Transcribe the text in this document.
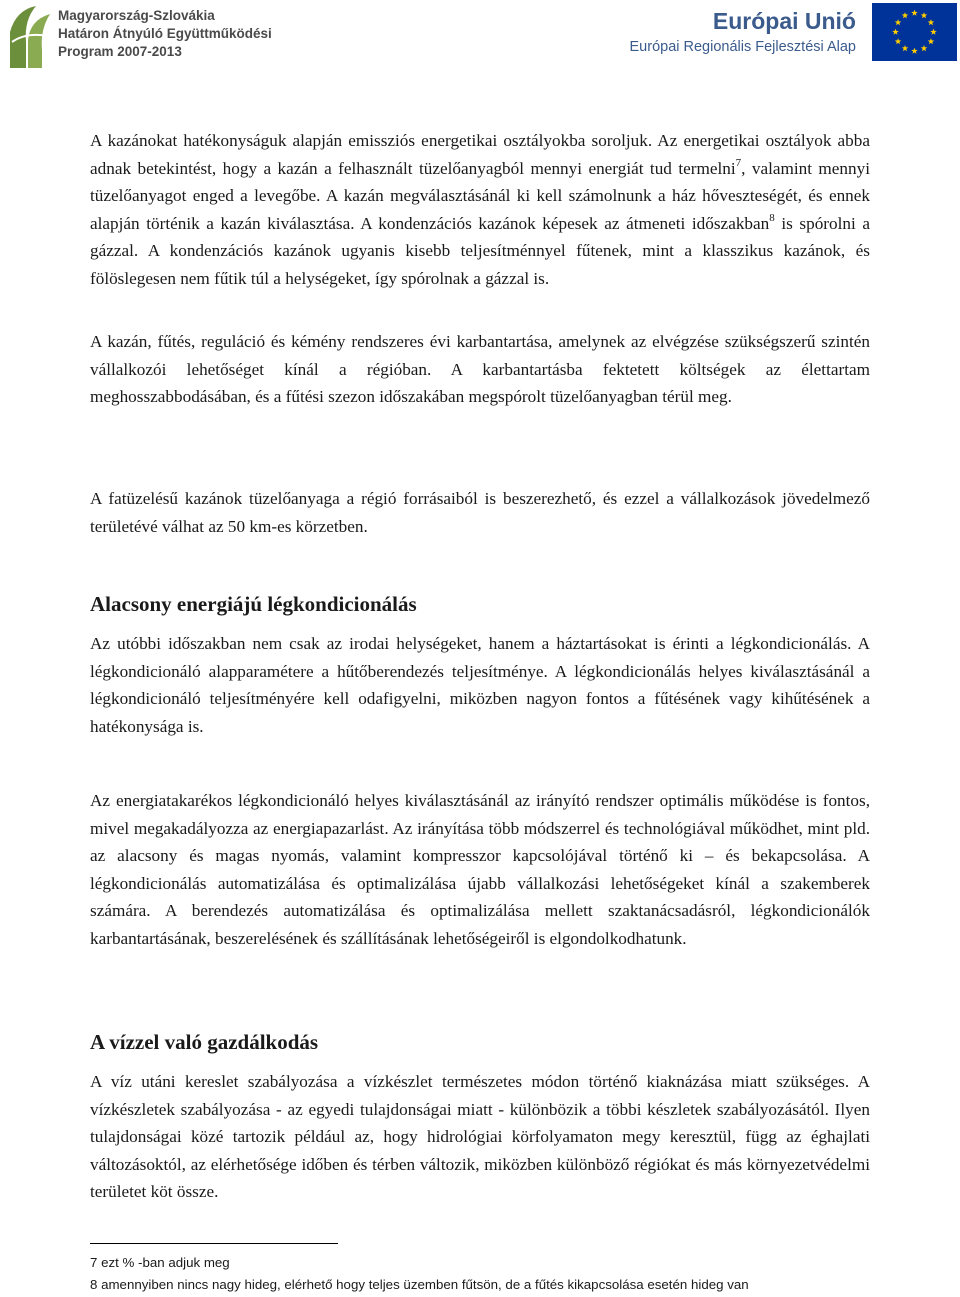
Magyarország-Szlovákia
Határon Átnyúló Együttműködési
Program 2007-2013
Európai Unió
Európai Regionális Fejlesztési Alap
A kazánokat hatékonyságuk alapján emissziós energetikai osztályokba soroljuk. Az energetikai osztályok abba adnak betekintést, hogy a kazán a felhasznált tüzelőanyagból mennyi energiát tud termelni$^7$, valamint mennyi tüzelőanyagot enged a levegőbe. A kazán megválasztásánál ki kell számolnunk a ház hőveszteségét, és ennek alapján történik a kazán kiválasztása. A kondenzációs kazánok képesek az átmeneti időszakban$^8$ is spórolni a gázzal. A kondenzációs kazánok ugyanis kisebb teljesítménnyel fűtenek, mint a klasszikus kazánok, és fölöslegesen nem fűtik túl a helységeket, így spórolnak a gázzal is.
A kazán, fűtés, reguláció és kémény rendszeres évi karbantartása, amelynek az elvégzése szükségszerű szintén vállalkozói lehetőséget kínál a régióban. A karbantartásba fektetett költségek az élettartam meghosszabbodásában, és a fűtési szezon időszakában megspórolt tüzelőanyagban térül meg.
A fatüzelésű kazánok tüzelőanyaga a régió forrásaiból is beszerezhető, és ezzel a vállalkozások jövedelmező területévé válhat az 50 km-es körzetben.
Alacsony energiájú légkondicionálás
Az utóbbi időszakban nem csak az irodai helységeket, hanem a háztartásokat is érinti a légkondicionálás. A légkondicionáló alapparamétere a hűtőberendezés teljesítménye. A légkondicionálás helyes kiválasztásánál a légkondicionáló teljesítményére kell odafigyelni, miközben nagyon fontos a fűtésének vagy kihűtésének a hatékonysága is.
Az energiatakarékos légkondicionáló helyes kiválasztásánál az irányító rendszer optimális működése is fontos, mivel megakadályozza az energiapazarlást. Az irányítása több módszerrel és technológiával működhet, mint pld. az alacsony és magas nyomás, valamint kompresszor kapcsolójával történő ki – és bekapcsolása. A légkondicionálás automatizálása és optimalizálása újabb vállalkozási lehetőségeket kínál a szakemberek számára. A berendezés automatizálása és optimalizálása mellett szaktanácsadásról, légkondicionálók karbantartásának, beszerelésének és szállításának lehetőségeiről is elgondolkodhatunk.
A vízzel való gazdálkodás
A víz utáni kereslet szabályozása a vízkészlet természetes módon történő kiaknázása miatt szükséges. A vízkészletek szabályozása - az egyedi tulajdonságai miatt - különbözik a többi készletek szabályozásától. Ilyen tulajdonságai közé tartozik például az, hogy hidrológiai körfolyamaton megy keresztül, függ az éghajlati változásoktól, az elérhetősége időben és térben változik, miközben különböző régiókat és más környezetvédelmi területet köt össze.
7 ezt % -ban adjuk meg
8 amennyiben nincs nagy hideg, elérhető hogy teljes üzemben fűtsön, de a fűtés kikapcsolása esetén hideg van
